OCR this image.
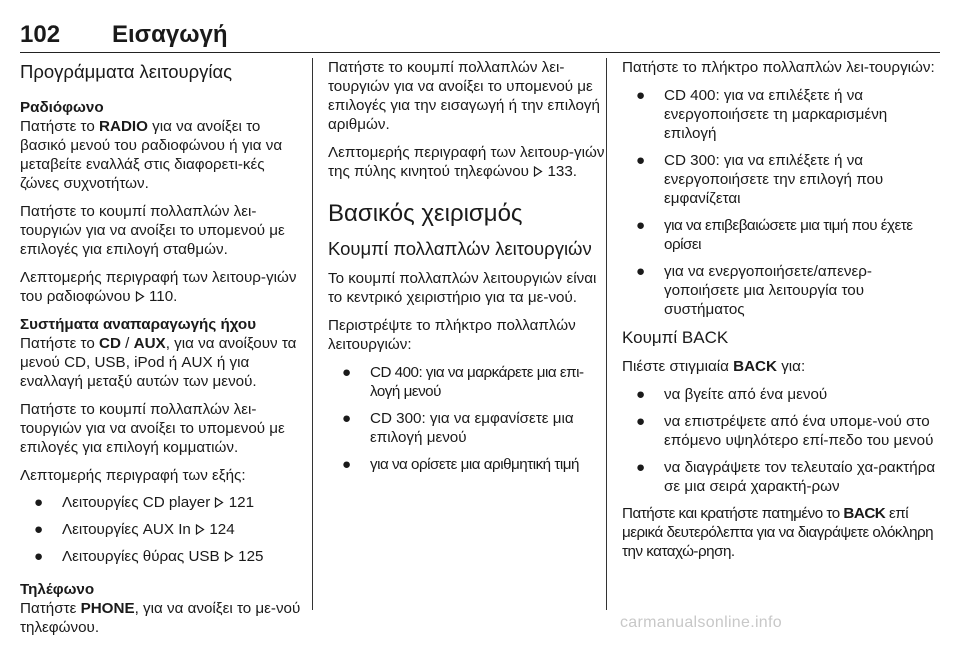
102 Εισαγωγή
Προγράμματα λειτουργίας
Ραδιόφωνο

Πατήστε το RADIO για να ανοίξει το βασικό μενού του ραδιοφώνου ή για να μεταβείτε εναλλάξ στις διαφορετι-κές ζώνες συχνοτήτων.

Πατήστε το κουμπί πολλαπλών λει-τουργιών για να ανοίξει το υπομενού με επιλογές για επιλογή σταθμών.

Λεπτομερής περιγραφή των λειτουρ-γιών του ραδιοφώνου  110.

Συστήματα αναπαραγωγής ήχου

Πατήστε το CD / AUX, για να ανοίξουν τα μενού CD, USB, iPod ή AUX ή για εναλλαγή μεταξύ αυτών των μενού.

Πατήστε το κουμπί πολλαπλών λει-τουργιών για να ανοίξει το υπομενού με επιλογές για επιλογή κομματιών.

Λεπτομερής περιγραφή των εξής:

● Λειτουργίες CD player  121
● Λειτουργίες AUX In  124
● Λειτουργίες θύρας USB  125
Τηλέφωνο

Πατήστε PHONE, για να ανοίξει το με-νού τηλεφώνου.

Πατήστε το κουμπί πολλαπλών λει-τουργιών για να ανοίξει το υπομενού με επιλογές για την εισαγωγή ή την επιλογή αριθμών.

Λεπτομερής περιγραφή των λειτουρ-γιών της πύλης κινητού τηλεφώνου  133.

Βασικός χειρισμός
Κουμπί πολλαπλών λειτουργιών

Το κουμπί πολλαπλών λειτουργιών είναι το κεντρικό χειριστήριο για τα με-νού.

Περιστρέψτε το πλήκτρο πολλαπλών λειτουργιών:

● CD 400: για να μαρκάρετε μια επι-λογή μενού
● CD 300: για να εμφανίσετε μια επιλογή μενού
● για να ορίσετε μια αριθμητική τιμή

Πατήστε το πλήκτρο πολλαπλών λει-τουργιών:

● CD 400: για να επιλέξετε ή να ενεργοποιήσετε τη μαρκαρισμένη επιλογή
● CD 300: για να επιλέξετε ή να ενεργοποιήσετε την επιλογή που εμφανίζεται
● για να επιβεβαιώσετε μια τιμή που έχετε ορίσει
● για να ενεργοποιήσετε/απενερ-γοποιήσετε μια λειτουργία του συστήματος
Κουμπί BACK

Πιέστε στιγμιαία BACK για:

● να βγείτε από ένα μενού
● να επιστρέψετε από ένα υπομε-νού στο επόμενο υψηλότερο επί-πεδο του μενού
● να διαγράψετε τον τελευταίο χα-ρακτήρα σε μια σειρά χαρακτή-ρων

Πατήστε και κρατήστε πατημένο το BACK επί μερικά δευτερόλεπτα για να διαγράψετε ολόκληρη την καταχώ-ρηση.

carmanualsonline.info
